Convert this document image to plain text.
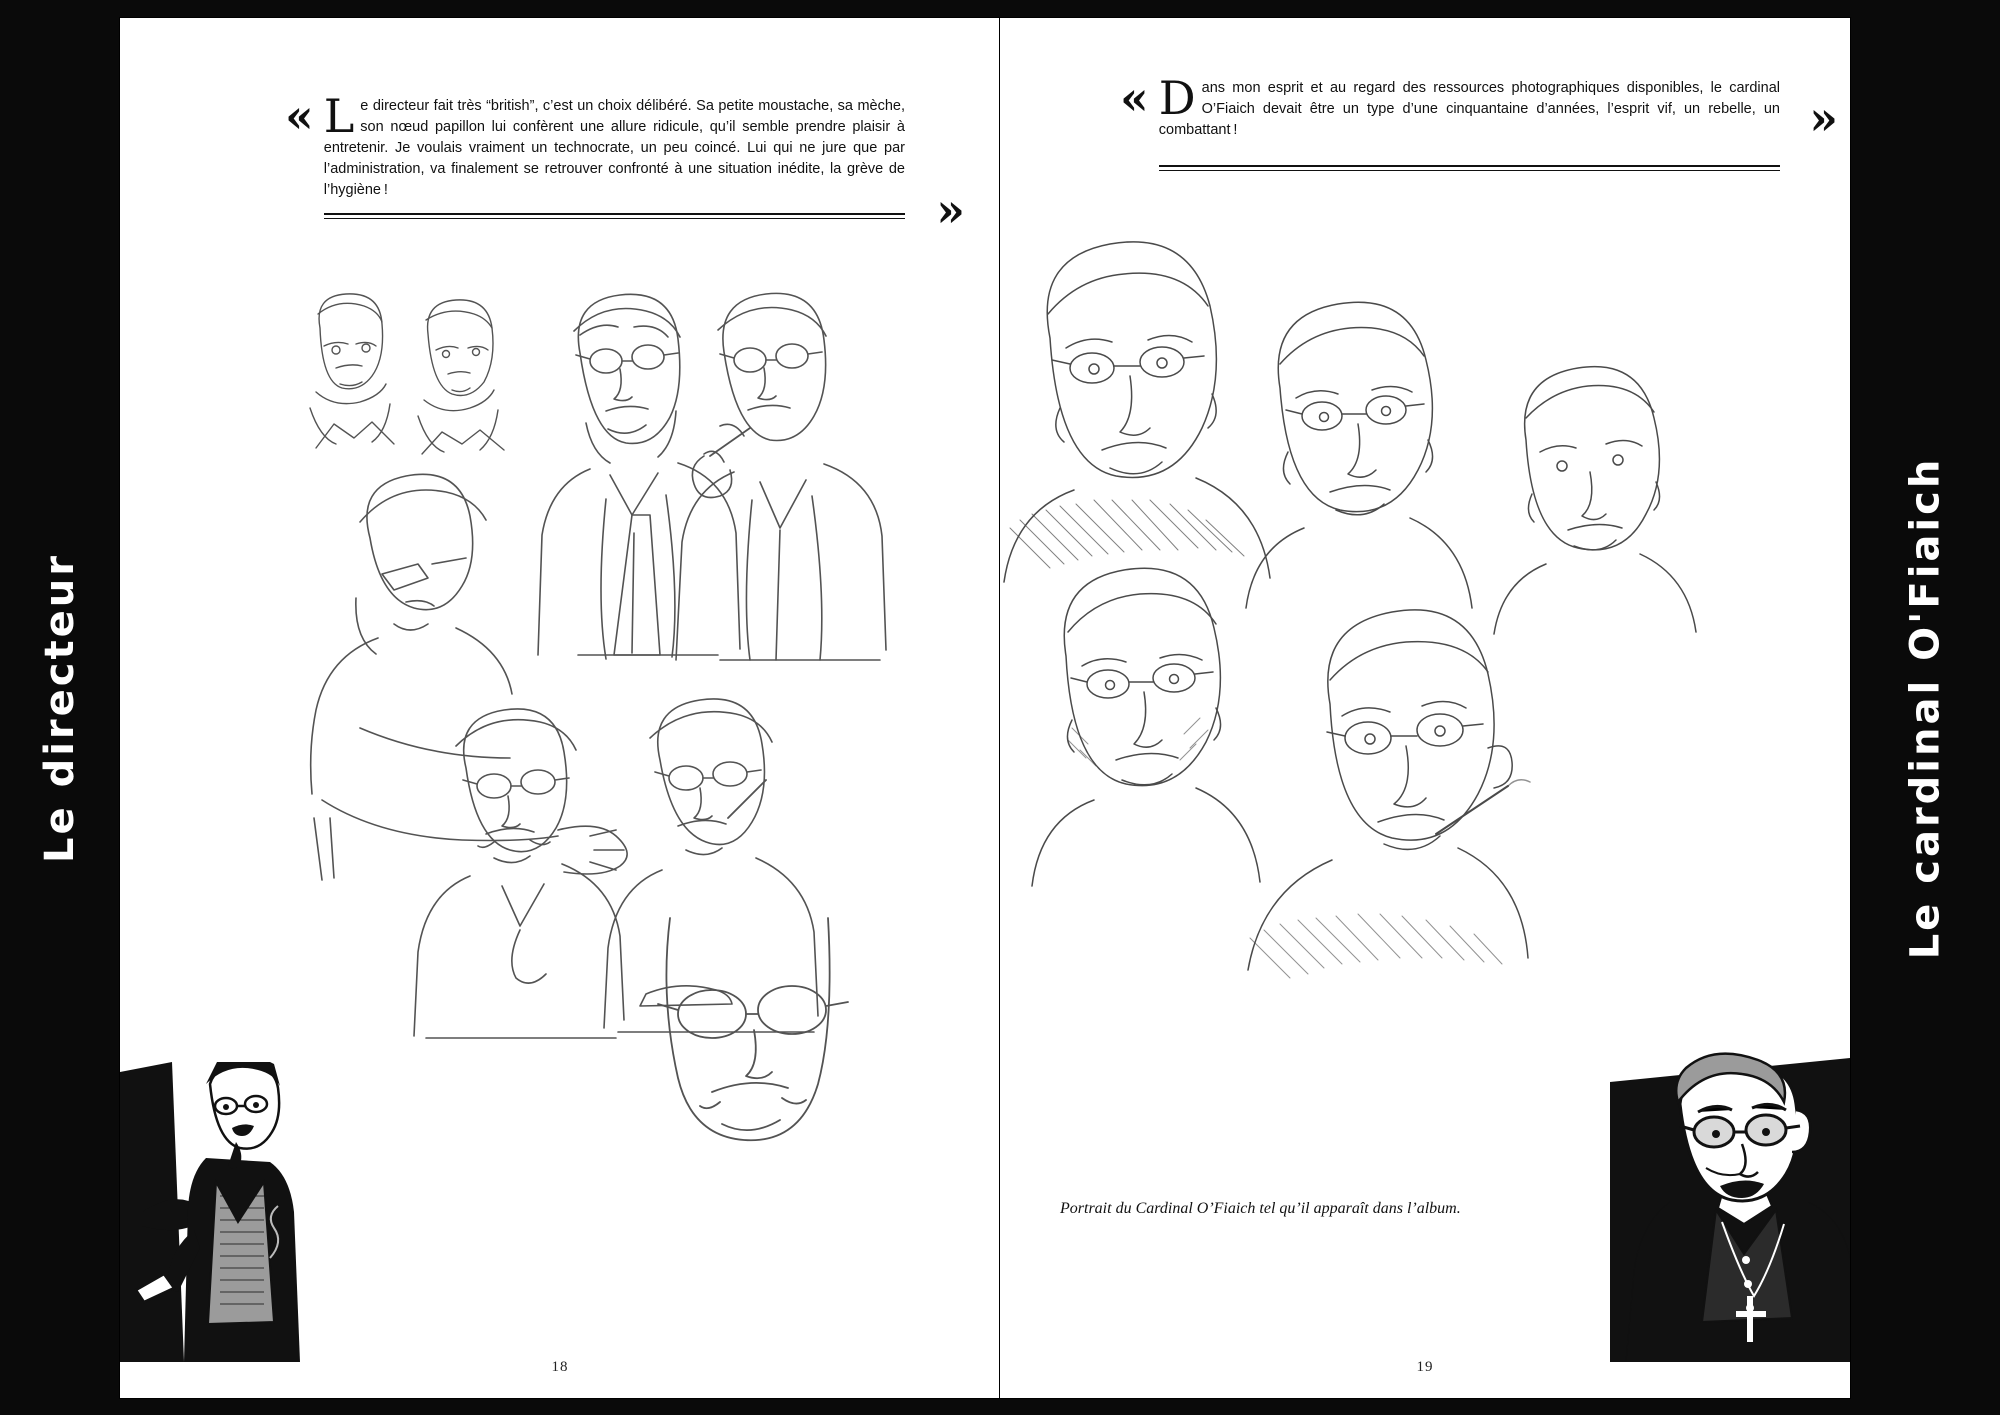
Le directeur	Le cardinal O'Fiaich
« Le directeur fait très “british”, c’est un choix délibéré. Sa petite moustache, sa mèche, son nœud papillon lui confèrent une allure ridicule, qu’il semble prendre plaisir à entretenir. Je voulais vraiment un technocrate, un peu coincé. Lui qui ne jure que par l’administration, va finalement se retrouver confronté à une situation inédite, la grève de l’hygiène !	»
18
« Dans mon esprit et au regard des ressources photographiques disponibles, le cardinal O’Fiaich devait être un type d’une cinquantaine d’années, l’esprit vif, un rebelle, un combattant !	»
Portrait du Cardinal O’Fiaich tel qu’il apparaît dans l’album.
19
